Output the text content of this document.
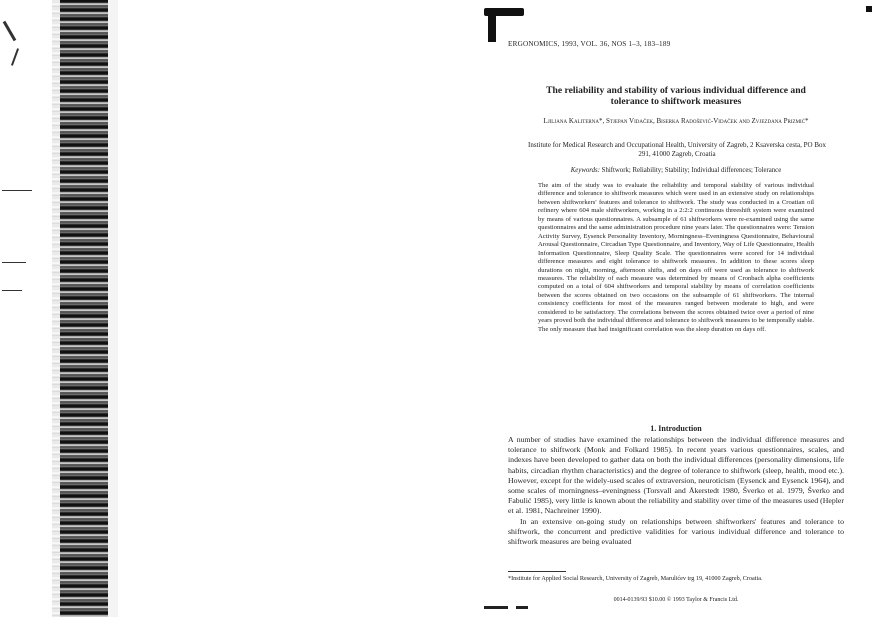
ERGONOMICS, 1993, VOL. 36, NOS 1–3, 183–189
The reliability and stability of various individual difference and tolerance to shiftwork measures
Ljiljana Kaliterna*, Stjepan Vidaček, Biserka Radošević-Vidaček and Zvjezdana Prizmić*
Institute for Medical Research and Occupational Health, University of Zagreb, 2 Ksaverska cesta, PO Box 291, 41000 Zagreb, Croatia
Keywords: Shiftwork; Reliability; Stability; Individual differences; Tolerance
The aim of the study was to evaluate the reliability and temporal stability of various individual difference and tolerance to shiftwork measures which were used in an extensive study on relationships between shiftworkers' features and tolerance to shiftwork. The study was conducted in a Croatian oil refinery where 604 male shiftworkers, working in a 2:2:2 continuous threeshift system were examined by means of various questionnaires. A subsample of 61 shiftworkers were re-examined using the same questionnaires and the same administration procedure nine years later. The questionnaires were: Tension Activity Survey, Eysenck Personality Inventory, Morningness–Eveningness Questionnaire, Behavioural Arousal Questionnaire, Circadian Type Questionnaire, and Inventory, Way of Life Questionnaire, Health Information Questionnaire, Sleep Quality Scale. The questionnaires were scored for 14 individual difference measures and eight tolerance to shiftwork measures. In addition to these scores sleep durations on night, morning, afternoon shifts, and on days off were used as tolerance to shiftwork measures. The reliability of each measure was determined by means of Cronbach alpha coefficients computed on a total of 604 shiftworkers and temporal stability by means of correlation coefficients between the scores obtained on two occasions on the subsample of 61 shiftworkers. The internal consistency coefficients for most of the measures ranged between moderate to high, and were considered to be satisfactory. The correlations between the scores obtained twice over a period of nine years proved both the individual difference and tolerance to shiftwork measures to be temporally stable. The only measure that had insignificant correlation was the sleep duration on days off.
1. Introduction

A number of studies have examined the relationships between the individual difference measures and tolerance to shiftwork (Monk and Folkard 1985). In recent years various questionnaires, scales, and indexes have been developed to gather data on both the individual differences (personality dimensions, life habits, circadian rhythm characteristics) and the degree of tolerance to shiftwork (sleep, health, mood etc.). However, except for the widely-used scales of extraversion, neuroticism (Eysenck and Eysenck 1964), and some scales of morningness–eveningness (Torsvall and Åkerstedt 1980, Šverko et al. 1979, Šverko and Fabulić 1985), very little is known about the reliability and stability over time of the measures used (Hepler et al. 1981, Nachreiner 1990).

In an extensive on-going study on relationships between shiftworkers' features and tolerance to shiftwork, the concurrent and predictive validities for various individual difference and tolerance to shiftwork measures are being evaluated

*Institute for Applied Social Research, University of Zagreb, Marulićev trg 19, 41000 Zagreb, Croatia.
0014-0139/93 $10.00 © 1993 Taylor & Francis Ltd.
